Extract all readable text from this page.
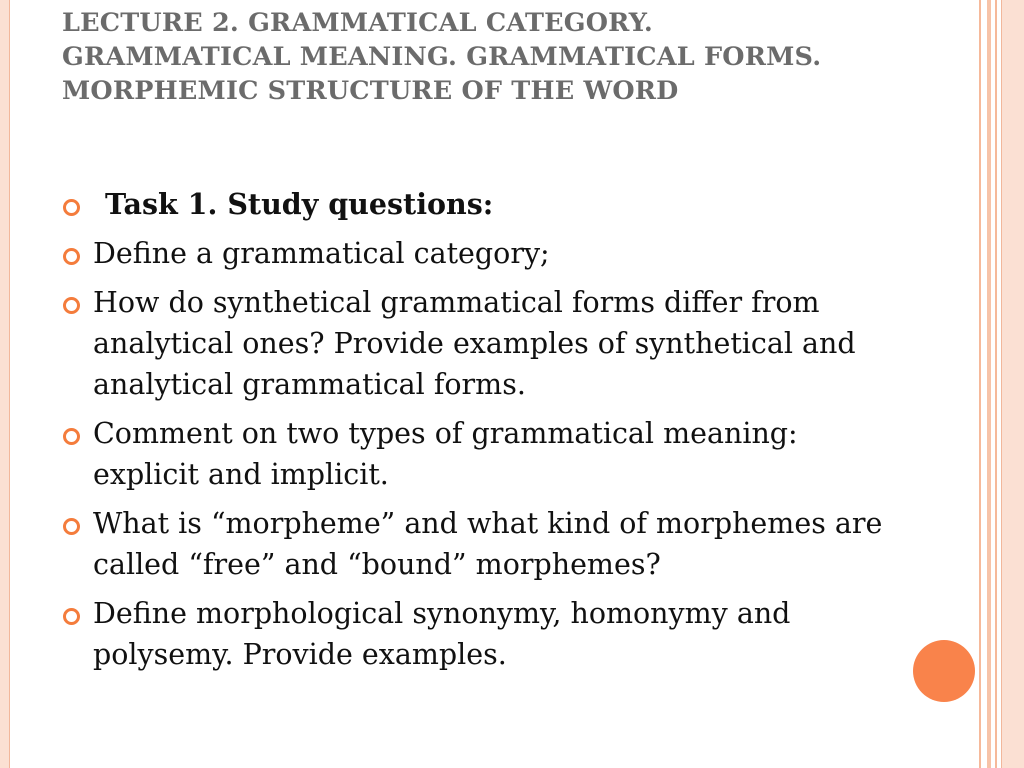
LECTURE 2. GRAMMATICAL CATEGORY.
GRAMMATICAL MEANING. GRAMMATICAL FORMS.
MORPHEMIC STRUCTURE OF THE WORD
Task 1. Study questions:
Define a grammatical category;
How do synthetical grammatical forms differ from analytical ones? Provide examples of synthetical and analytical grammatical forms.
Comment on two types of grammatical meaning: explicit and implicit.
What is “morpheme” and what kind of morphemes are called “free” and “bound” morphemes?
Define morphological synonymy, homonymy and polysemy. Provide examples.
